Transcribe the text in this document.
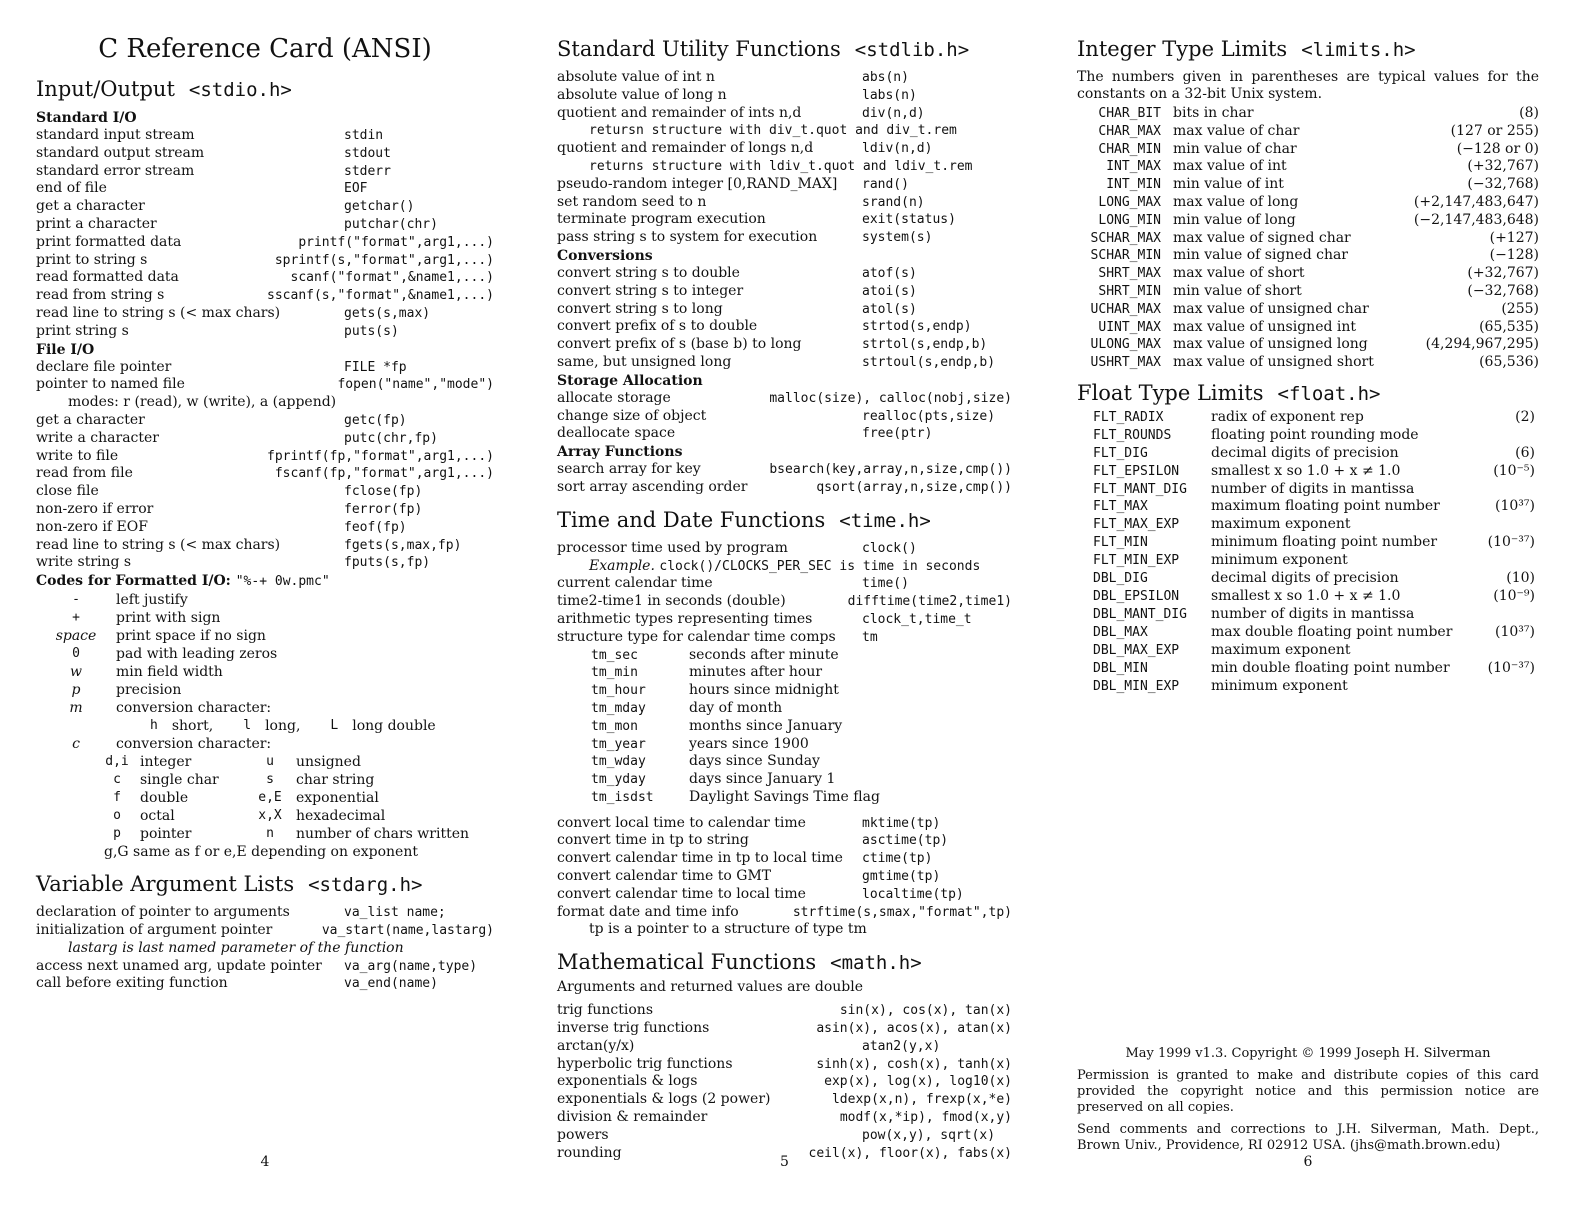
C Reference Card (ANSI)
Input/Output <stdio.h>
Standard I/O
standard input stream	stdin
standard output stream	stdout
standard error stream	stderr
end of file	EOF
get a character	getchar()
print a character	putchar(chr)
print formatted data	printf("format",arg1,...)
print to string s	sprintf(s,"format",arg1,...)
read formatted data	scanf("format",&name1,...)
read from string s	sscanf(s,"format",&name1,...)
read line to string s (< max chars)	gets(s,max)
print string s	puts(s)
File I/O
declare file pointer	FILE *fp
pointer to named file	fopen("name","mode")
modes: r (read), w (write), a (append)
get a character	getc(fp)
write a character	putc(chr,fp)
write to file	fprintf(fp,"format",arg1,...)
read from file	fscanf(fp,"format",arg1,...)
close file	fclose(fp)
non-zero if error	ferror(fp)
non-zero if EOF	feof(fp)
read line to string s (< max chars)	fgets(s,max,fp)
write string s	fputs(s,fp)
Codes for Formatted I/O: "%-+ 0w.pmc"
-	left justify
+	print with sign
space	print space if no sign
0	pad with leading zeros
w	min field width
p	precision
m	conversion character:
h short, l long, L long double
c	conversion character:
d,i integer	u	unsigned
c	single char	s	char string
f	double	e,E	exponential
o	octal	x,X	hexadecimal
p	pointer	n	number of chars written
g,G same as f or e,E depending on exponent
Variable Argument Lists <stdarg.h>
declaration of pointer to arguments	va_list name;
initialization of argument pointer	va_start(name,lastarg)
lastarg is last named parameter of the function
access next unamed arg, update pointer va_arg(name,type)
call before exiting function	va_end(name)
4
Standard Utility Functions <stdlib.h>
absolute value of int n	abs(n)
absolute value of long n	labs(n)
quotient and remainder of ints n,d	div(n,d)
retursn structure with div_t.quot and div_t.rem
quotient and remainder of longs n,d	ldiv(n,d)
returns structure with ldiv_t.quot and ldiv_t.rem
pseudo-random integer [0,RAND_MAX] rand()
set random seed to n	srand(n)
terminate program execution	exit(status)
pass string s to system for execution	system(s)
Conversions
convert string s to double	atof(s)
convert string s to integer	atoi(s)
convert string s to long	atol(s)
convert prefix of s to double	strtod(s,endp)
convert prefix of s (base b) to long	strtol(s,endp,b)
same, but unsigned long	strtoul(s,endp,b)
Storage Allocation
allocate storage	malloc(size), calloc(nobj,size)
change size of object	realloc(pts,size)
deallocate space	free(ptr)
Array Functions
search array for key	bsearch(key,array,n,size,cmp())
sort array ascending order	qsort(array,n,size,cmp())
Time and Date Functions <time.h>
processor time used by program	clock()
Example. clock()/CLOCKS_PER_SEC is time in seconds
current calendar time	time()
time2-time1 in seconds (double)	difftime(time2,time1)
arithmetic types representing times	clock_t,time_t
structure type for calendar time comps tm
tm_sec	seconds after minute
tm_min	minutes after hour
tm_hour	hours since midnight
tm_mday	day of month
tm_mon	months since January
tm_year	years since 1900
tm_wday	days since Sunday
tm_yday	days since January 1
tm_isdst	Daylight Savings Time flag
convert local time to calendar time	mktime(tp)
convert time in tp to string	asctime(tp)
convert calendar time in tp to local time ctime(tp)
convert calendar time to GMT	gmtime(tp)
convert calendar time to local time	localtime(tp)
format date and time info	strftime(s,smax,"format",tp)
tp is a pointer to a structure of type tm
Mathematical Functions <math.h>
Arguments and returned values are double
trig functions	sin(x), cos(x), tan(x)
inverse trig functions	asin(x), acos(x), atan(x)
arctan(y/x)	atan2(y,x)
hyperbolic trig functions	sinh(x), cosh(x), tanh(x)
exponentials & logs	exp(x), log(x), log10(x)
exponentials & logs (2 power)	ldexp(x,n), frexp(x,*e)
division & remainder	modf(x,*ip), fmod(x,y)
powers	pow(x,y), sqrt(x)
rounding	ceil(x), floor(x), fabs(x)
5
Integer Type Limits <limits.h>
The numbers given in parentheses are typical values for the constants on a 32-bit Unix system.
CHAR_BIT bits in char	(8)
CHAR_MAX max value of char	(127 or 255)
CHAR_MIN min value of char	(−128 or 0)
INT_MAX max value of int	(+32,767)
INT_MIN min value of int	(−32,768)
LONG_MAX max value of long	(+2,147,483,647)
LONG_MIN min value of long	(−2,147,483,648)
SCHAR_MAX max value of signed char	(+127)
SCHAR_MIN min value of signed char	(−128)
SHRT_MAX max value of short	(+32,767)
SHRT_MIN min value of short	(−32,768)
UCHAR_MAX max value of unsigned char	(255)
UINT_MAX max value of unsigned int	(65,535)
ULONG_MAX max value of unsigned long	(4,294,967,295)
USHRT_MAX max value of unsigned short	(65,536)
Float Type Limits <float.h>
FLT_RADIX	radix of exponent rep	(2)
FLT_ROUNDS	floating point rounding mode
FLT_DIG	decimal digits of precision	(6)
FLT_EPSILON	smallest x so 1.0 + x ≠ 1.0	(10⁻⁵)
FLT_MANT_DIG	number of digits in mantissa
FLT_MAX	maximum floating point number	(10³⁷)
FLT_MAX_EXP	maximum exponent
FLT_MIN	minimum floating point number	(10⁻³⁷)
FLT_MIN_EXP	minimum exponent
DBL_DIG	decimal digits of precision	(10)
DBL_EPSILON	smallest x so 1.0 + x ≠ 1.0	(10⁻⁹)
DBL_MANT_DIG	number of digits in mantissa
DBL_MAX	max double floating point number	(10³⁷)
DBL_MAX_EXP	maximum exponent
DBL_MIN	min double floating point number	(10⁻³⁷)
DBL_MIN_EXP	minimum exponent
May 1999 v1.3. Copyright © 1999 Joseph H. Silverman
Permission is granted to make and distribute copies of this card provided the copyright notice and this permission notice are preserved on all copies.
Send comments and corrections to J.H. Silverman, Math. Dept., Brown Univ., Providence, RI 02912 USA. (jhs@math.brown.edu)
6
